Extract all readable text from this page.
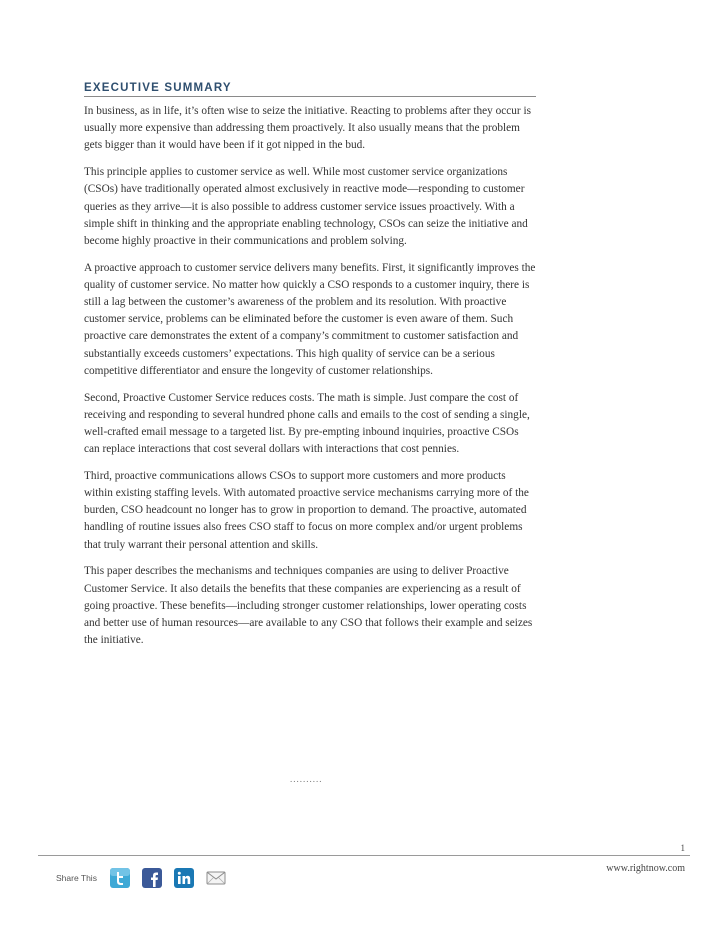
EXECUTIVE SUMMARY

In business, as in life, it’s often wise to seize the initiative. Reacting to problems after they occur is usually more expensive than addressing them proactively. It also usually means that the problem gets bigger than it would have been if it got nipped in the bud.

This principle applies to customer service as well. While most customer service organizations (CSOs) have traditionally operated almost exclusively in reactive mode—responding to customer queries as they arrive—it is also possible to address customer service issues proactively. With a simple shift in thinking and the appropriate enabling technology, CSOs can seize the initiative and become highly proactive in their communications and problem solving.

A proactive approach to customer service delivers many benefits. First, it significantly improves the quality of customer service. No matter how quickly a CSO responds to a customer inquiry, there is still a lag between the customer’s awareness of the problem and its resolution. With proactive customer service, problems can be eliminated before the customer is even aware of them. Such proactive care demonstrates the extent of a company’s commitment to customer satisfaction and substantially exceeds customers’ expectations. This high quality of service can be a serious competitive differentiator and ensure the longevity of customer relationships.

Second, Proactive Customer Service reduces costs. The math is simple. Just compare the cost of receiving and responding to several hundred phone calls and emails to the cost of sending a single, well-crafted email message to a targeted list. By pre-empting inbound inquiries, proactive CSOs can replace interactions that cost several dollars with interactions that cost pennies.

Third, proactive communications allows CSOs to support more customers and more products within existing staffing levels. With automated proactive service mechanisms carrying more of the burden, CSO headcount no longer has to grow in proportion to demand. The proactive, automated handling of routine issues also frees CSO staff to focus on more complex and/or urgent problems that truly warrant their personal attention and skills.

This paper describes the mechanisms and techniques companies are using to deliver Proactive Customer Service. It also details the benefits that these companies are experiencing as a result of going proactive. These benefits—including stronger customer relationships, lower operating costs and better use of human resources—are available to any CSO that follows their example and seizes the initiative.

..........
1
www.rightnow.com
Share This
